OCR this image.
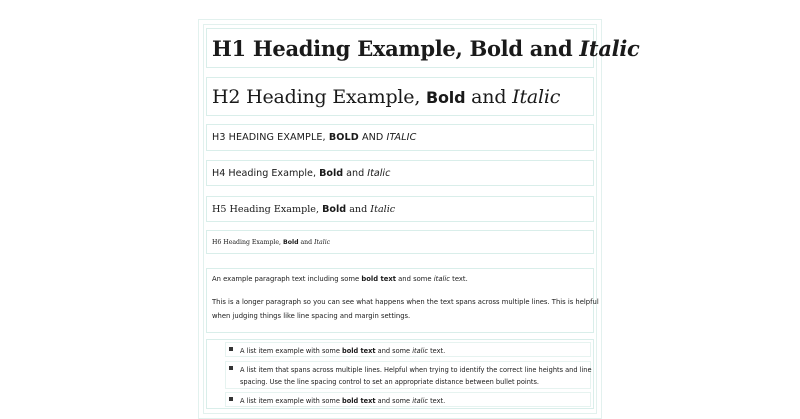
H1 Heading Example, Bold and Italic
H2 Heading Example, Bold and Italic
H3 HEADING EXAMPLE, BOLD AND ITALIC
H4 Heading Example, Bold and Italic
H5 Heading Example, Bold and Italic
H6 Heading Example, Bold and Italic
An example paragraph text including some bold text and some italic text.
This is a longer paragraph so you can see what happens when the text spans across multiple lines. This is helpful
when judging things like line spacing and margin settings.
A list item example with some bold text and some italic text.
A list item that spans across multiple lines. Helpful when trying to identify the correct line heights and line
spacing. Use the line spacing control to set an appropriate distance between bullet points.
A list item example with some bold text and some italic text.
